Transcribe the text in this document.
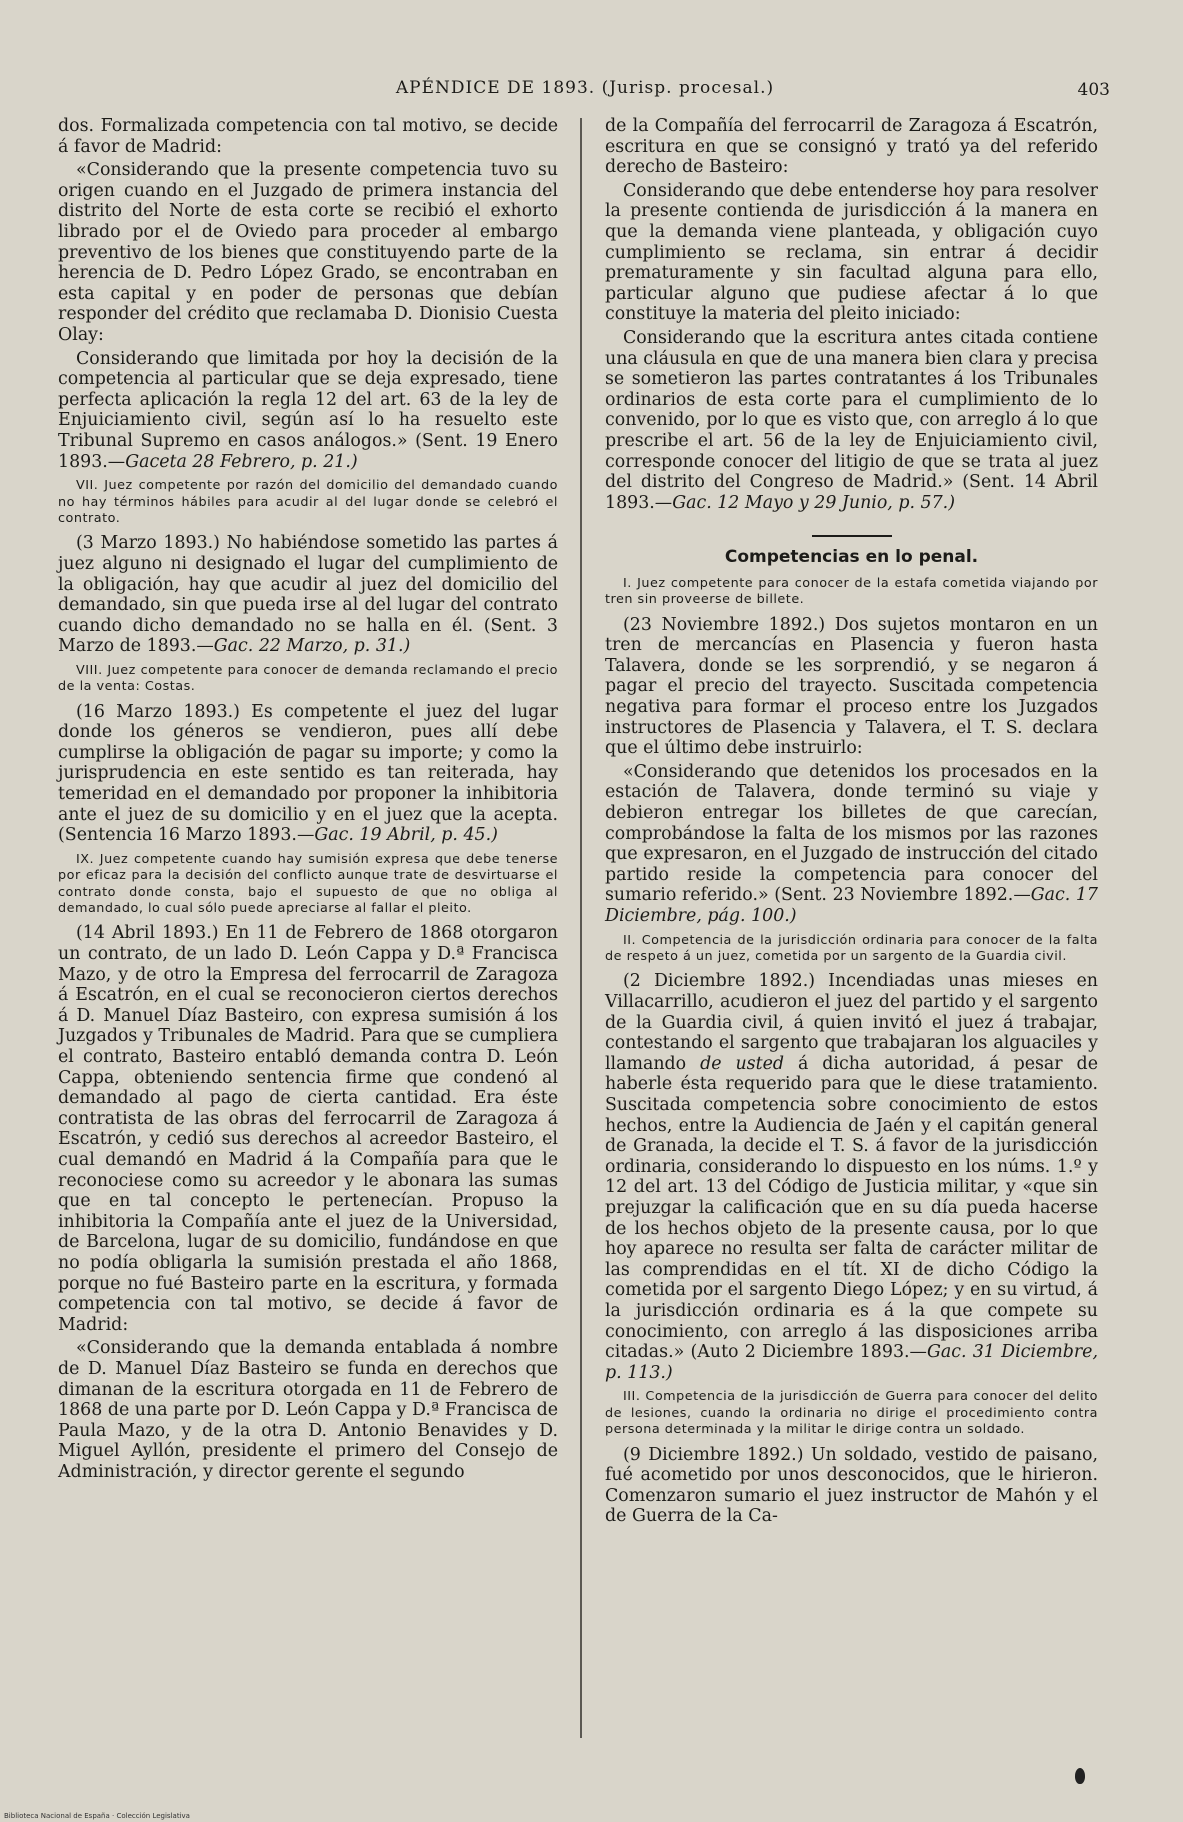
APÉNDICE DE 1893. (Jurisp. procesal.)	403

dos. Formalizada competencia con tal motivo, se decide á favor de Madrid:

«Considerando que la presente competencia tuvo su origen cuando en el Juzgado de primera instancia del distrito del Norte de esta corte se recibió el exhorto librado por el de Oviedo para proceder al embargo preventivo de los bienes que constituyendo parte de la herencia de D. Pedro López Grado, se encontraban en esta capital y en poder de personas que debían responder del crédito que reclamaba D. Dionisio Cuesta Olay:

Considerando que limitada por hoy la decisión de la competencia al particular que se deja expresado, tiene perfecta aplicación la regla 12 del art. 63 de la ley de Enjuiciamiento civil, según así lo ha resuelto este Tribunal Supremo en casos análogos.» (Sent. 19 Enero 1893.—Gaceta 28 Febrero, p. 21.)

VII. Juez competente por razón del domicilio del demandado cuando no hay términos hábiles para acudir al del lugar donde se celebró el contrato.

(3 Marzo 1893.) No habiéndose sometido las partes á juez alguno ni designado el lugar del cumplimiento de la obligación, hay que acudir al juez del domicilio del demandado, sin que pueda irse al del lugar del contrato cuando dicho demandado no se halla en él. (Sent. 3 Marzo de 1893.—Gac. 22 Marzo, p. 31.)

VIII. Juez competente para conocer de demanda reclamando el precio de la venta: Costas.

(16 Marzo 1893.) Es competente el juez del lugar donde los géneros se vendieron, pues allí debe cumplirse la obligación de pagar su importe; y como la jurisprudencia en este sentido es tan reiterada, hay temeridad en el demandado por proponer la inhibitoria ante el juez de su domicilio y en el juez que la acepta. (Sentencia 16 Marzo 1893.—Gac. 19 Abril, p. 45.)

IX. Juez competente cuando hay sumisión expresa que debe tenerse por eficaz para la decisión del conflicto aunque trate de desvirtuarse el contrato donde consta, bajo el supuesto de que no obliga al demandado, lo cual sólo puede apreciarse al fallar el pleito.

(14 Abril 1893.) En 11 de Febrero de 1868 otorgaron un contrato, de un lado D. León Cappa y D.ª Francisca Mazo, y de otro la Empresa del ferrocarril de Zaragoza á Escatrón, en el cual se reconocieron ciertos derechos á D. Manuel Díaz Basteiro, con expresa sumisión á los Juzgados y Tribunales de Madrid. Para que se cumpliera el contrato, Basteiro entabló demanda contra D. León Cappa, obteniendo sentencia firme que condenó al demandado al pago de cierta cantidad. Era éste contratista de las obras del ferrocarril de Zaragoza á Escatrón, y cedió sus derechos al acreedor Basteiro, el cual demandó en Madrid á la Compañía para que le reconociese como su acreedor y le abonara las sumas que en tal concepto le pertenecían. Propuso la inhibitoria la Compañía ante el juez de la Universidad, de Barcelona, lugar de su domicilio, fundándose en que no podía obligarla la sumisión prestada el año 1868, porque no fué Basteiro parte en la escritura, y formada competencia con tal motivo, se decide á favor de Madrid:

«Considerando que la demanda entablada á nombre de D. Manuel Díaz Basteiro se funda en derechos que dimanan de la escritura otorgada en 11 de Febrero de 1868 de una parte por D. León Cappa y D.ª Francisca de Paula Mazo, y de la otra D. Antonio Benavides y D. Miguel Ayllón, presidente el primero del Consejo de Administración, y director gerente el segundo

de la Compañía del ferrocarril de Zaragoza á Escatrón, escritura en que se consignó y trató ya del referido derecho de Basteiro:

Considerando que debe entenderse hoy para resolver la presente contienda de jurisdicción á la manera en que la demanda viene planteada, y obligación cuyo cumplimiento se reclama, sin entrar á decidir prematuramente y sin facultad alguna para ello, particular alguno que pudiese afectar á lo que constituye la materia del pleito iniciado:

Considerando que la escritura antes citada contiene una cláusula en que de una manera bien clara y precisa se sometieron las partes contratantes á los Tribunales ordinarios de esta corte para el cumplimiento de lo convenido, por lo que es visto que, con arreglo á lo que prescribe el art. 56 de la ley de Enjuiciamiento civil, corresponde conocer del litigio de que se trata al juez del distrito del Congreso de Madrid.» (Sent. 14 Abril 1893.—Gac. 12 Mayo y 29 Junio, p. 57.)

Competencias en lo penal.

I. Juez competente para conocer de la estafa cometida viajando por tren sin proveerse de billete.

(23 Noviembre 1892.) Dos sujetos montaron en un tren de mercancías en Plasencia y fueron hasta Talavera, donde se les sorprendió, y se negaron á pagar el precio del trayecto. Suscitada competencia negativa para formar el proceso entre los Juzgados instructores de Plasencia y Talavera, el T. S. declara que el último debe instruirlo:

«Considerando que detenidos los procesados en la estación de Talavera, donde terminó su viaje y debieron entregar los billetes de que carecían, comprobándose la falta de los mismos por las razones que expresaron, en el Juzgado de instrucción del citado partido reside la competencia para conocer del sumario referido.» (Sent. 23 Noviembre 1892.—Gac. 17 Diciembre, pág. 100.)

II. Competencia de la jurisdicción ordinaria para conocer de la falta de respeto á un juez, cometida por un sargento de la Guardia civil.

(2 Diciembre 1892.) Incendiadas unas mieses en Villacarrillo, acudieron el juez del partido y el sargento de la Guardia civil, á quien invitó el juez á trabajar, contestando el sargento que trabajaran los alguaciles y llamando de usted á dicha autoridad, á pesar de haberle ésta requerido para que le diese tratamiento. Suscitada competencia sobre conocimiento de estos hechos, entre la Audiencia de Jaén y el capitán general de Granada, la decide el T. S. á favor de la jurisdicción ordinaria, considerando lo dispuesto en los núms. 1.º y 12 del art. 13 del Código de Justicia militar, y «que sin prejuzgar la calificación que en su día pueda hacerse de los hechos objeto de la presente causa, por lo que hoy aparece no resulta ser falta de carácter militar de las comprendidas en el tít. XI de dicho Código la cometida por el sargento Diego López; y en su virtud, á la jurisdicción ordinaria es á la que compete su conocimiento, con arreglo á las disposiciones arriba citadas.» (Auto 2 Diciembre 1893.—Gac. 31 Diciembre, p. 113.)

III. Competencia de la jurisdicción de Guerra para conocer del delito de lesiones, cuando la ordinaria no dirige el procedimiento contra persona determinada y la militar le dirige contra un soldado.

(9 Diciembre 1892.) Un soldado, vestido de paisano, fué acometido por unos desconocidos, que le hirieron. Comenzaron sumario el juez instructor de Mahón y el de Guerra de la Ca-

Biblioteca Nacional de España · Colección Legislativa
